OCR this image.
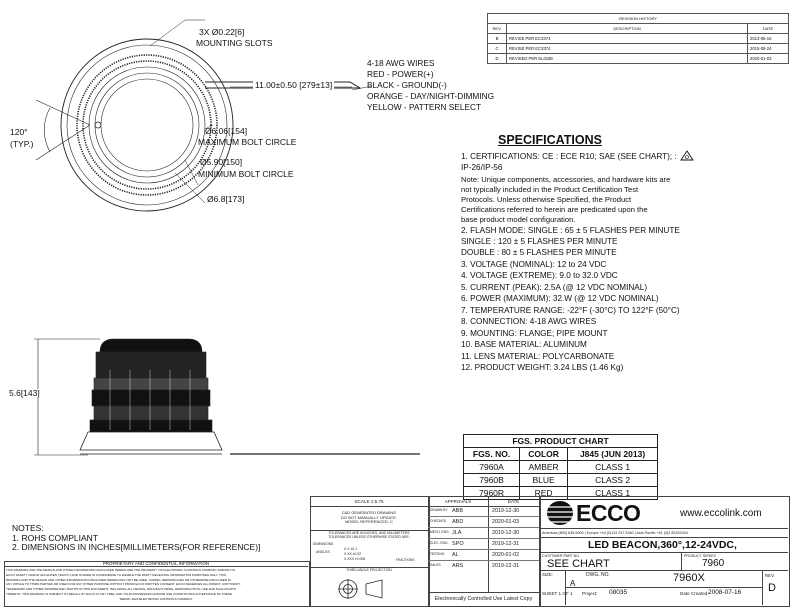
REVISION HISTORY		
REV.	DESCRIPTION	DATE
B	REVISE PER EC3374	2013-05-16
C	REVISE PER EC3374	2015-08-24
D	REVISED PER EL0188	2020-01-03
3X Ø0.22[6]
MOUNTING SLOTS
120°
(TYP.)
11.00±0.50 [279±13]
4-18 AWG WIRES
RED - POWER(+)
BLACK - GROUND(-)
ORANGE - DAY/NIGHT-DIMMING
YELLOW - PATTERN SELECT
Ø6.06[154]
MAXIMUM BOLT CIRCLE
Ø5.90[150]
MINIMUM BOLT CIRCLE
Ø6.8[173]
5.6[143]
SPECIFICATIONS
1. CERTIFICATIONS: CE : ECE R10; SAE (SEE CHART); :
IP-26/IP-56
Note: Unique components, accessories, and hardware kits are
not typically included in the Product Certification Test
Protocols. Unless otherwise Specified, the Product
Certifications referred to herein are predicated upon the
base product model configuration.
2. FLASH MODE: SINGLE : 65 ± 5 FLASHES PER MINUTE
SINGLE : 120 ± 5 FLASHES PER MINUTE
DOUBLE : 80 ± 5 FLASHES PER MINUTE
3. VOLTAGE (NOMINAL): 12 to 24 VDC
4. VOLTAGE (EXTREME): 9.0 to 32.0 VDC
5. CURRENT (PEAK): 2.5A (@ 12 VDC NOMINAL)
6. POWER (MAXIMUM): 32.W (@ 12 VDC NOMINAL)
7. TEMPERATURE RANGE: -22°F (-30°C) TO 122°F (50°C)
8. CONNECTION: 4-18 AWG WIRES
9. MOUNTING: FLANGE; PIPE MOUNT
10. BASE MATERIAL: ALUMINUM
11. LENS MATERIAL: POLYCARBONATE
12. PRODUCT WEIGHT: 3.24 LBS (1.46 Kg)
FGS. PRODUCT CHART		
FGS. NO.	COLOR	J845 (JUN 2013)
7960A	AMBER	CLASS 1
7960B	BLUE	CLASS 2
7960R	RED	CLASS 1
NOTES:
1. ROHS COMPLIANT
2. DIMENSIONS IN INCHES[MILLIMETERS(FOR REFERENCE)]
PROPRIETARY AND CONFIDENTIAL INFORMATION
THIS DRAWING AND THE DESIGN AND OTHER INFORMATION DISCLOSED HEREIN ARE THE PROPERTY OF ELECTRONIC CONTROLS COMPANY AND/OR ITS
ECCO SAFETY GROUP AFFILIATES ("ECCO") AND IS MADE IN CONFIDENCE TO ENABLE THE PARTY RECEIVING INFORMATION PURPOSES ONLY. THIS
DRAWING AND THE DESIGN AND OTHER INFORMATION DISCLOSED HEREIN MAY NOT BE USED, COPIED, REPRODUCED OR OTHERWISE DISCLOSED IN
ANY WHOLE TO THIRD PARTIES OR USED FOR ANY OTHER PURPOSE WITHOUT PRIOR ECCO WRITTEN CONSENT. ECCO RESERVES ALL PATENT, COPYRIGHT,
TRADEMARK AND OTHER PROPRIETARY RIGHTS IN THIS DOCUMENT, INCLUDING ALL DESIGN, MANUFACTURING, REPRODUCTION, USE AND SALE RIGHTS
THERETO. THIS DRAWING IS SUBJECT TO RECALL BY ECCO AT ANY TIME, AND YOUR POSSESSION AND/OR USE CONSTITUTES ACCEPTANCE OF THESE
TERMS. 2020 ELECTRONIC CONTROLS COMPANY
SCALE 1:5.75
CAD GENERATED DRAWING
DO NOT MANUALLY UPDATE.
MODEL REFERENCED: C
TOLERANCES ARE IN INCHES, AND MILLIMETERS
TOLERANCES UNLESS OTHERWISE STATED ARE:
DIMENSIONS
ANGLES
X.X ±0.1
X.XX ±0.02
X.XXX ±0.005	FRACTIONS
THIRD ANGLE PROJECTION
APPROVALS	DATE
DRAWN BY ABB	2019-12-30
CHECKED ABD	2020-01-03
MECH. ENG. JLA	2019-12-30
ELEC. ENG. SPO	2019-12-31
TESTING AL	2020-01-02
SALES ARS	2019-12-31
Electronically Controlled Use Latest Copy
ECCO	www.eccolink.com
Americas (800) 635-5900 | Europe +44 (0)113 237 5340 | Asia Pacific +61 (0)3 83322444
LED BEACON,360°,12-24VDC,
CUSTOMER PART NO.
SEE CHART
PRODUCT SERIES
7960
SIZE:
A
DWG. NO.	7960X	REV.
D
SHEET 1 OF 1 Project: 08035	Date Created: 2008-07-16
